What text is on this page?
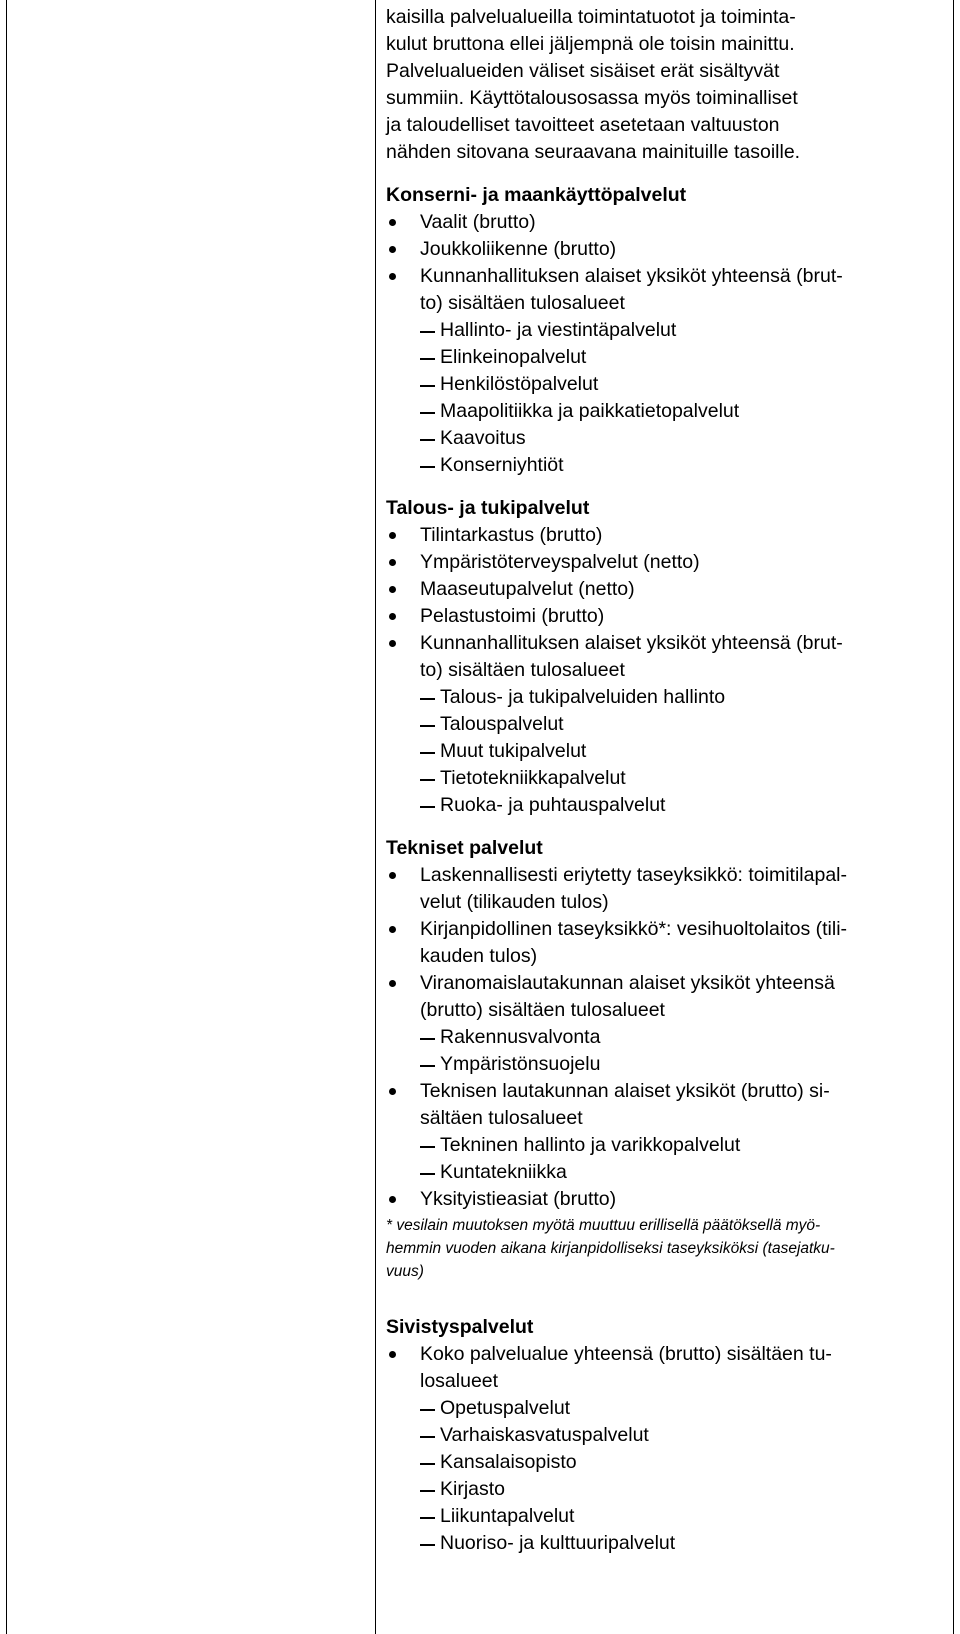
kaisilla palvelualueilla toimintatuotot ja toiminta-
kulut bruttona ellei jäljempnä ole toisin mainittu.
Palvelualueiden väliset sisäiset erät sisältyvät
summiin. Käyttötalousosassa myös toiminalliset
ja taloudelliset tavoitteet asetetaan valtuuston
nähden sitovana seuraavana mainituille tasoille.

Konserni- ja maankäyttöpalvelut
Vaalit (brutto)
Joukkoliikenne (brutto)
Kunnanhallituksen alaiset yksiköt yhteensä (brut-
to) sisältäen tulosalueet
Hallinto- ja viestintäpalvelut
Elinkeinopalvelut
Henkilöstöpalvelut
Maapolitiikka ja paikkatietopalvelut
Kaavoitus
Konserniyhtiöt
Talous- ja tukipalvelut
Tilintarkastus (brutto)
Ympäristöterveyspalvelut (netto)
Maaseutupalvelut (netto)
Pelastustoimi (brutto)
Kunnanhallituksen alaiset yksiköt yhteensä (brut-
to) sisältäen tulosalueet
Talous- ja tukipalveluiden hallinto
Talouspalvelut
Muut tukipalvelut
Tietotekniikkapalvelut
Ruoka- ja puhtauspalvelut
Tekniset palvelut
Laskennallisesti eriytetty taseyksikkö: toimitilapal-
velut (tilikauden tulos)
Kirjanpidollinen taseyksikkö*: vesihuoltolaitos (tili-
kauden tulos)
Viranomaislautakunnan alaiset yksiköt yhteensä
(brutto) sisältäen tulosalueet
Rakennusvalvonta
Ympäristönsuojelu
Teknisen lautakunnan alaiset yksiköt (brutto) si-
sältäen tulosalueet
Tekninen hallinto ja varikkopalvelut
Kuntatekniikka
Yksityistieasiat (brutto)
* vesilain muutoksen myötä muuttuu erillisellä päätöksellä myö-
hemmin vuoden aikana kirjanpidolliseksi taseyksiköksi (tasejatku-
vuus)
Sivistyspalvelut
Koko palvelualue yhteensä (brutto) sisältäen tu-
losalueet
Opetuspalvelut
Varhaiskasvatuspalvelut
Kansalaisopisto
Kirjasto
Liikuntapalvelut
Nuoriso- ja kulttuuripalvelut
